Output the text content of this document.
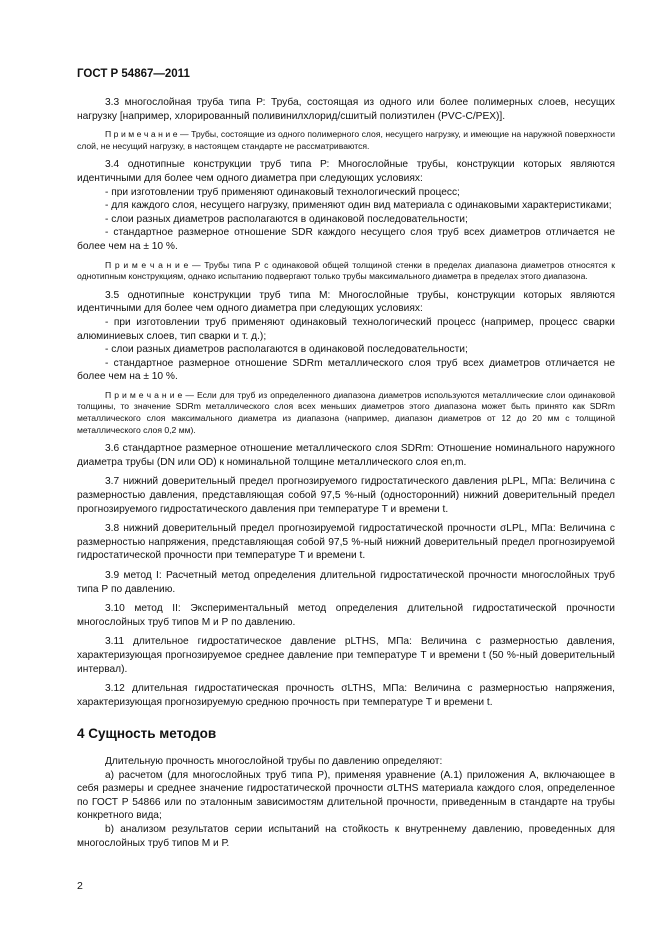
ГОСТ Р 54867—2011

3.3 многослойная труба типа Р: Труба, состоящая из одного или более полимерных слоев, несущих нагрузку [например, хлорированный поливинилхлорид/сшитый полиэтилен (PVC-C/PEX)].

П р и м е ч а н и е — Трубы, состоящие из одного полимерного слоя, несущего нагрузку, и имеющие на наружной поверхности слой, не несущий нагрузку, в настоящем стандарте не рассматриваются.

3.4 однотипные конструкции труб типа Р: Многослойные трубы, конструкции которых являются идентичными для более чем одного диаметра при следующих условиях:

- при изготовлении труб применяют одинаковый технологический процесс;

- для каждого слоя, несущего нагрузку, применяют один вид материала с одинаковыми характеристиками;

- слои разных диаметров располагаются в одинаковой последовательности;

- стандартное размерное отношение SDR каждого несущего слоя труб всех диаметров отличается не более чем на ± 10 %.

П р и м е ч а н и е — Трубы типа Р с одинаковой общей толщиной стенки в пределах диапазона диаметров относятся к однотипным конструкциям, однако испытанию подвергают только трубы максимального диаметра в пределах этого диапазона.

3.5 однотипные конструкции труб типа М: Многослойные трубы, конструкции которых являются идентичными для более чем одного диаметра при следующих условиях:

- при изготовлении труб применяют одинаковый технологический процесс (например, процесс сварки алюминиевых слоев, тип сварки и т. д.);

- слои разных диаметров располагаются в одинаковой последовательности;

- стандартное размерное отношение SDRm металлического слоя труб всех диаметров отличается не более чем на ± 10 %.

П р и м е ч а н и е — Если для труб из определенного диапазона диаметров используются металлические слои одинаковой толщины, то значение SDRm металлического слоя всех меньших диаметров этого диапазона может быть принято как SDRm металлического слоя максимального диаметра из диапазона (например, диапазон диаметров от 12 до 20 мм с толщиной металлического слоя 0,2 мм).

3.6 стандартное размерное отношение металлического слоя SDRm: Отношение номинального наружного диаметра трубы (DN или OD) к номинальной толщине металлического слоя en,m.

3.7 нижний доверительный предел прогнозируемого гидростатического давления pLPL, МПа: Величина с размерностью давления, представляющая собой 97,5 %-ный (односторонний) нижний доверительный предел прогнозируемого гидростатического давления при температуре T и времени t.

3.8 нижний доверительный предел прогнозируемой гидростатической прочности σLPL, МПа: Величина с размерностью напряжения, представляющая собой 97,5 %-ный нижний доверительный предел прогнозируемой гидростатической прочности при температуре T и времени t.

3.9 метод I: Расчетный метод определения длительной гидростатической прочности многослойных труб типа Р по давлению.

3.10 метод II: Экспериментальный метод определения длительной гидростатической прочности многослойных труб типов М и Р по давлению.

3.11 длительное гидростатическое давление pLTHS, МПа: Величина с размерностью давления, характеризующая прогнозируемое среднее давление при температуре T и времени t (50 %-ный доверительный интервал).

3.12 длительная гидростатическая прочность σLTHS, МПа: Величина с размерностью напряжения, характеризующая прогнозируемую среднюю прочность при температуре T и времени t.

4 Сущность методов

Длительную прочность многослойной трубы по давлению определяют:

а) расчетом (для многослойных труб типа Р), применяя уравнение (А.1) приложения А, включающее в себя размеры и среднее значение гидростатической прочности σLTHS материала каждого слоя, определенное по ГОСТ Р 54866 или по эталонным зависимостям длительной прочности, приведенным в стандарте на трубы конкретного вида;

b) анализом результатов серии испытаний на стойкость к внутреннему давлению, проведенных для многослойных труб типов М и Р.

2
